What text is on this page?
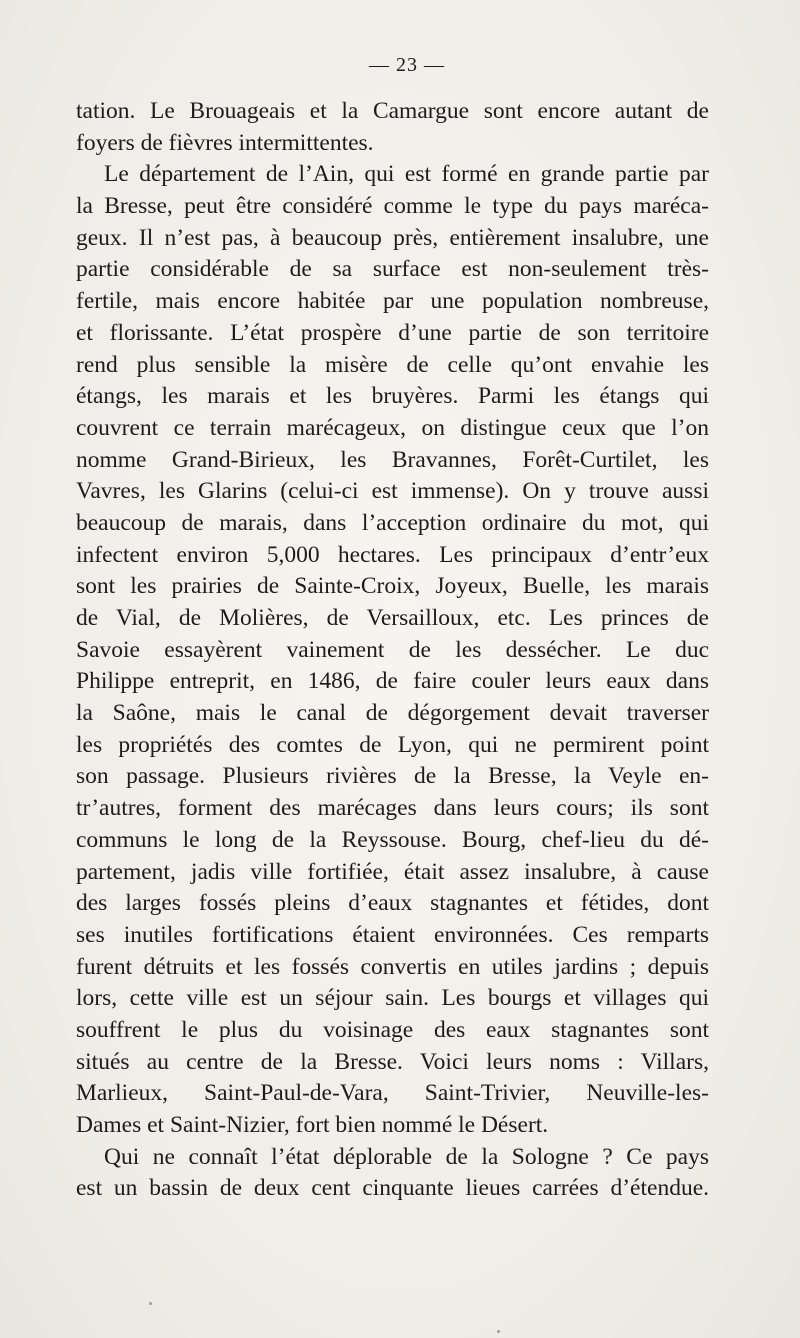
— 23 —
tation. Le Brouageais et la Camargue sont encore autant de
foyers de fièvres intermittentes.
Le département de l’Ain, qui est formé en grande partie par
la Bresse, peut être considéré comme le type du pays maréca-
geux. Il n’est pas, à beaucoup près, entièrement insalubre, une
partie considérable de sa surface est non-seulement très-
fertile, mais encore habitée par une population nombreuse,
et florissante. L’état prospère d’une partie de son territoire
rend plus sensible la misère de celle qu’ont envahie les
étangs, les marais et les bruyères. Parmi les étangs qui
couvrent ce terrain marécageux, on distingue ceux que l’on
nomme Grand-Birieux, les Bravannes, Forêt-Curtilet, les
Vavres, les Glarins (celui-ci est immense). On y trouve aussi
beaucoup de marais, dans l’acception ordinaire du mot, qui
infectent environ 5,000 hectares. Les principaux d’entr’eux
sont les prairies de Sainte-Croix, Joyeux, Buelle, les marais
de Vial, de Molières, de Versailloux, etc. Les princes de
Savoie essayèrent vainement de les dessécher. Le duc
Philippe entreprit, en 1486, de faire couler leurs eaux dans
la Saône, mais le canal de dégorgement devait traverser
les propriétés des comtes de Lyon, qui ne permirent point
son passage. Plusieurs rivières de la Bresse, la Veyle en-
tr’autres, forment des marécages dans leurs cours; ils sont
communs le long de la Reyssouse. Bourg, chef-lieu du dé-
partement, jadis ville fortifiée, était assez insalubre, à cause
des larges fossés pleins d’eaux stagnantes et fétides, dont
ses inutiles fortifications étaient environnées. Ces remparts
furent détruits et les fossés convertis en utiles jardins ; depuis
lors, cette ville est un séjour sain. Les bourgs et villages qui
souffrent le plus du voisinage des eaux stagnantes sont
situés au centre de la Bresse. Voici leurs noms : Villars,
Marlieux, Saint-Paul-de-Vara, Saint-Trivier, Neuville-les-
Dames et Saint-Nizier, fort bien nommé le Désert.
Qui ne connaît l’état déplorable de la Sologne ? Ce pays
est un bassin de deux cent cinquante lieues carrées d’étendue.
